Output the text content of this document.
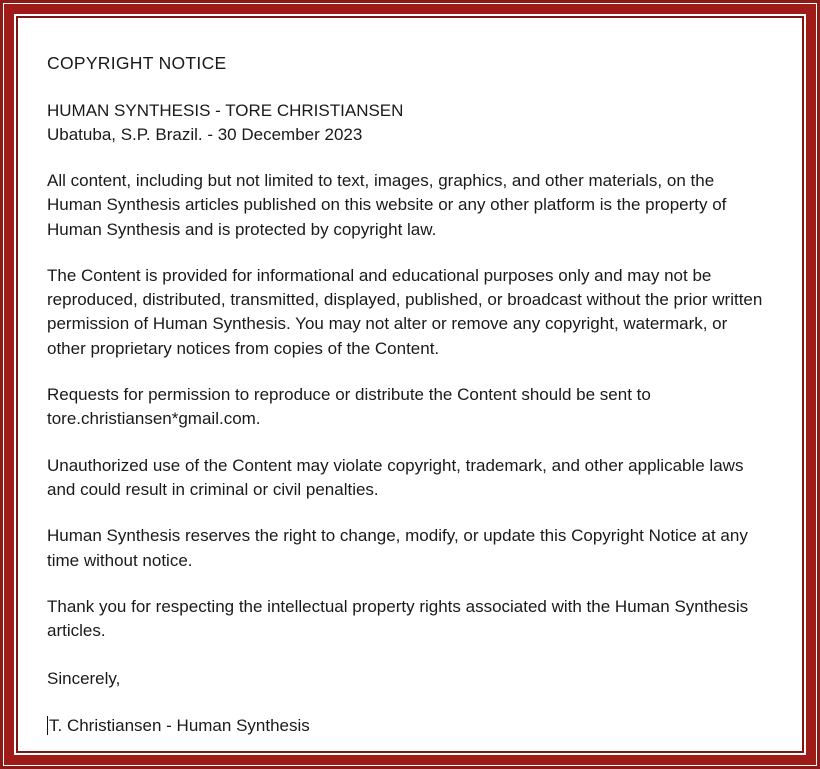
COPYRIGHT NOTICE
HUMAN SYNTHESIS - TORE CHRISTIANSEN
Ubatuba, S.P. Brazil. - 30 December 2023

All content, including but not limited to text, images, graphics, and other materials, on the Human Synthesis articles published on this website or any other platform is the property of Human Synthesis and is protected by copyright law.

The Content is provided for informational and educational purposes only and may not be reproduced, distributed, transmitted, displayed, published, or broadcast without the prior written permission of Human Synthesis. You may not alter or remove any copyright, watermark, or other proprietary notices from copies of the Content.

Requests for permission to reproduce or distribute the Content should be sent to tore.christiansen*gmail.com.

Unauthorized use of the Content may violate copyright, trademark, and other applicable laws and could result in criminal or civil penalties.

Human Synthesis reserves the right to change, modify, or update this Copyright Notice at any time without notice.

Thank you for respecting the intellectual property rights associated with the Human Synthesis articles.

Sincerely,
T. Christiansen - Human Synthesis
